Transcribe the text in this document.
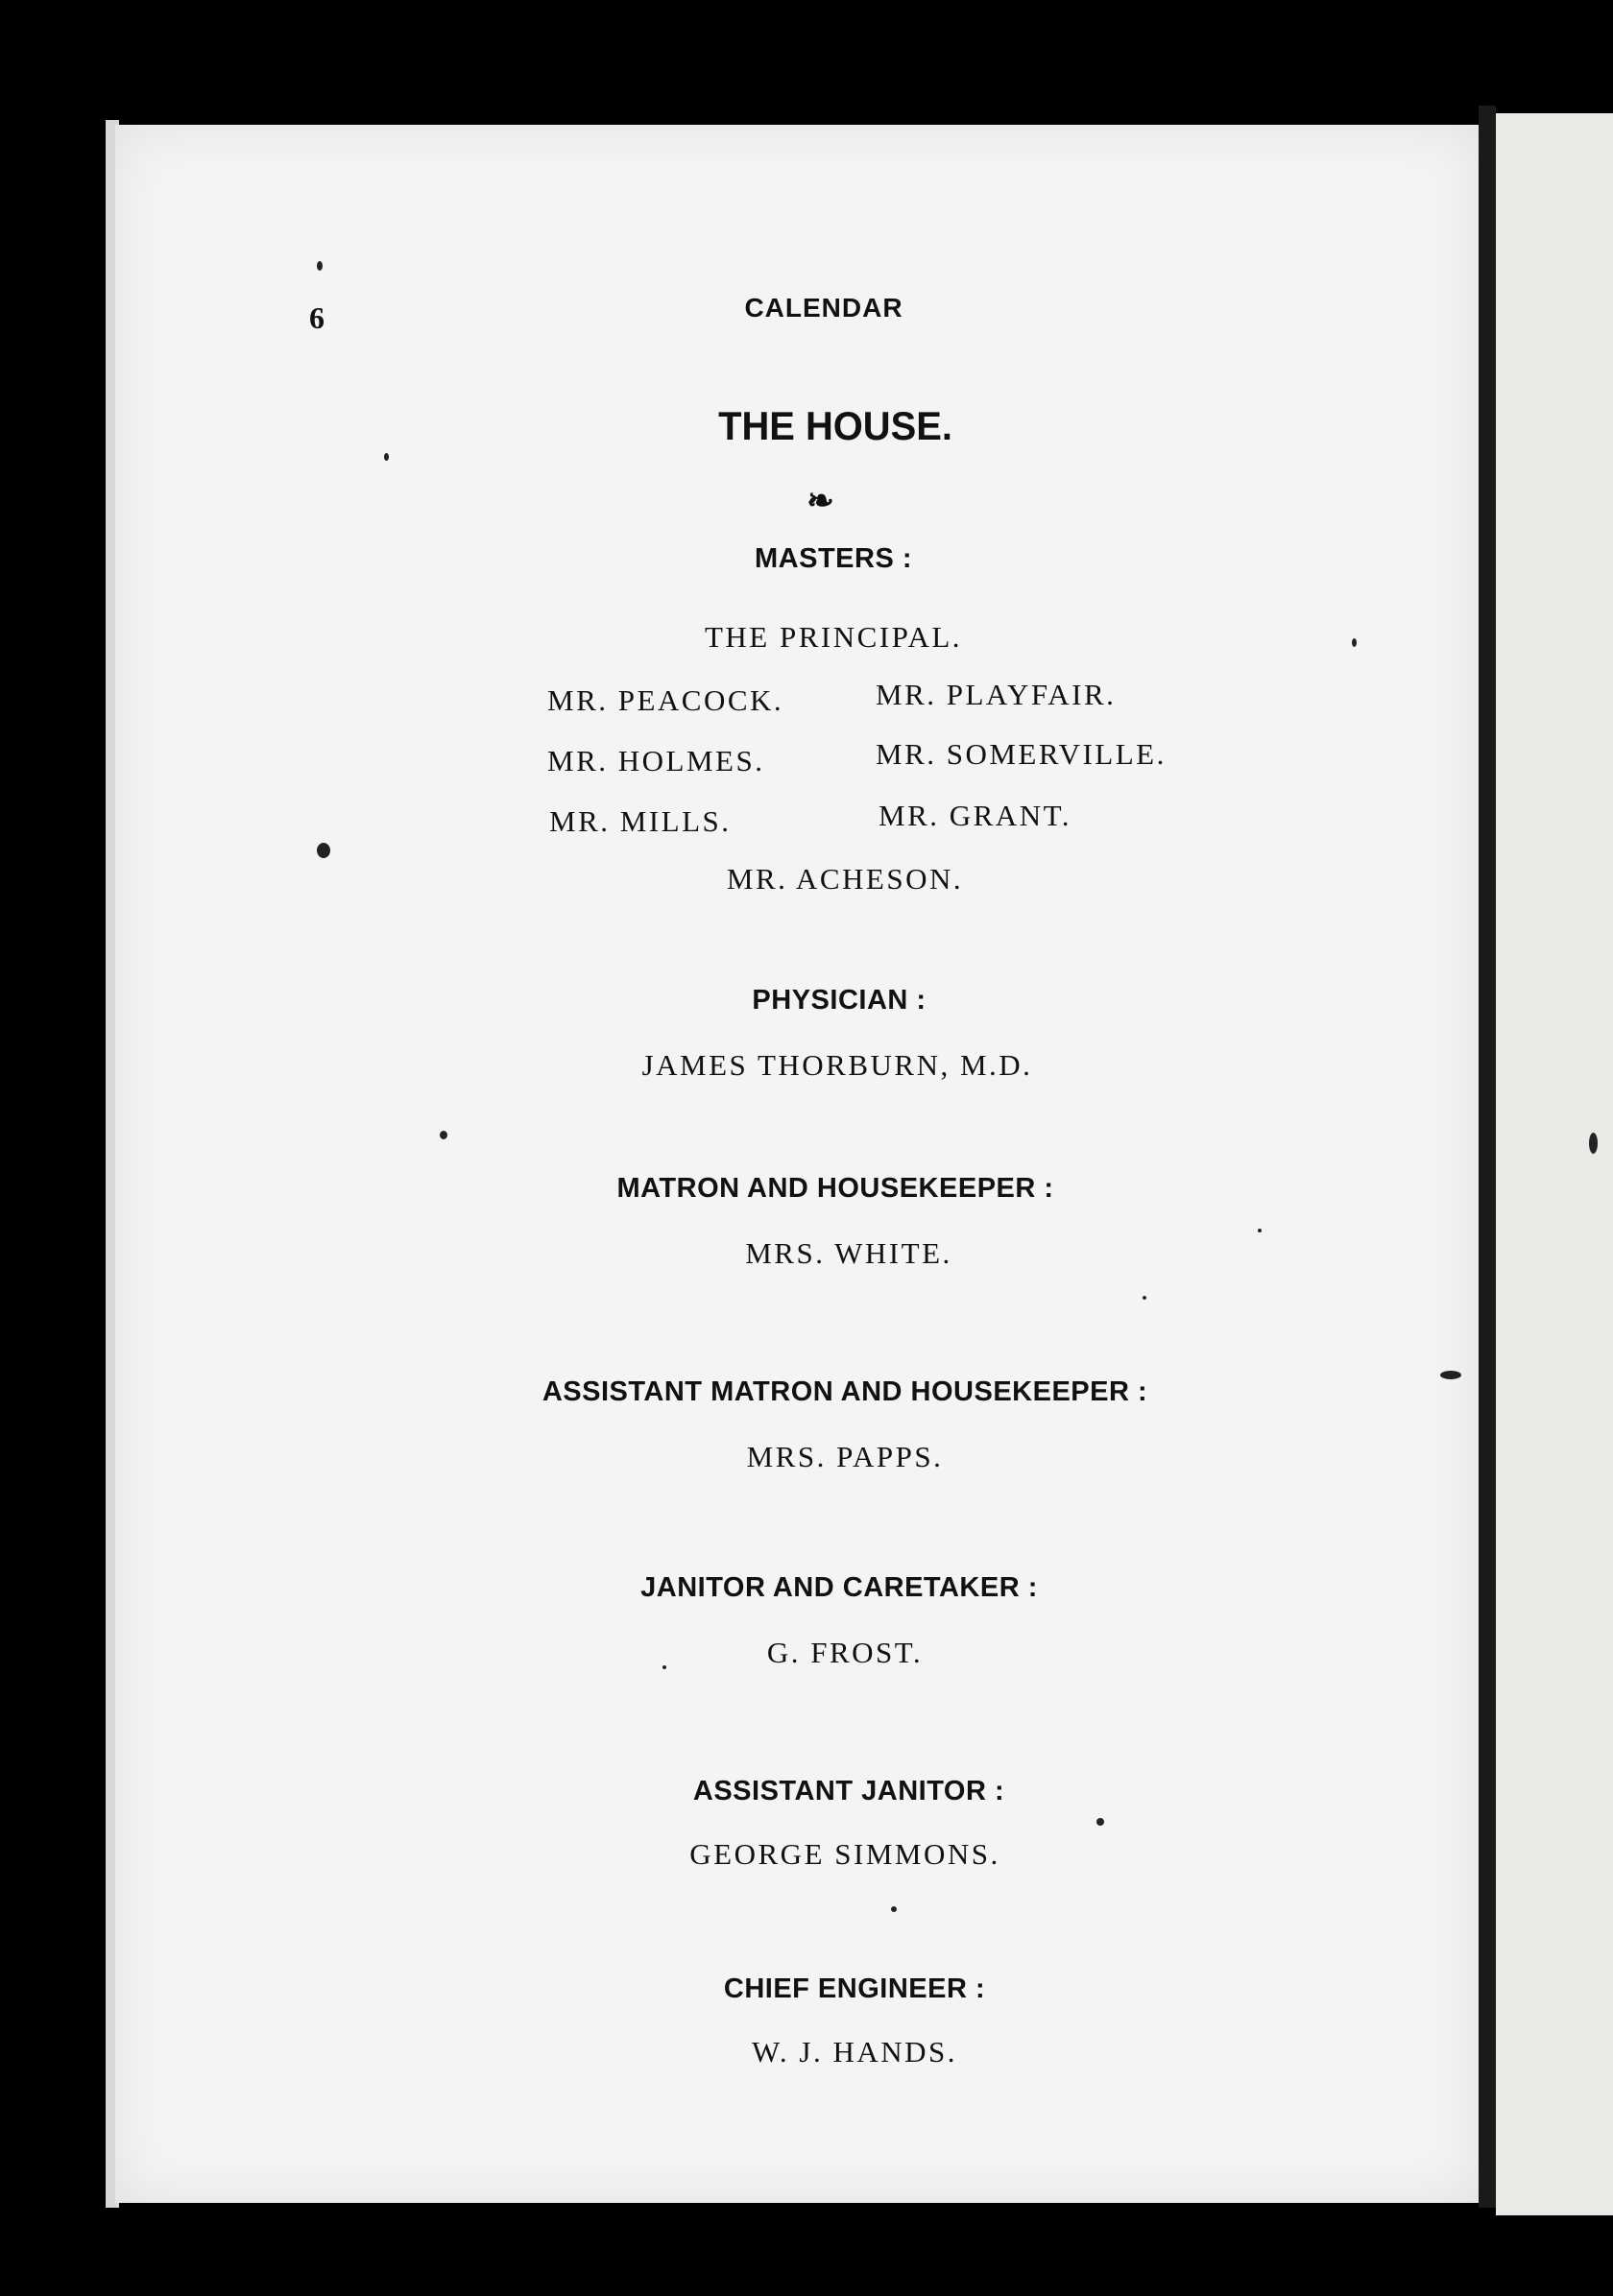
6	CALENDAR
THE HOUSE.
❧
MASTERS :
THE PRINCIPAL.
MR. PEACOCK.	MR. PLAYFAIR.
MR. HOLMES.	MR. SOMERVILLE.
MR. MILLS.	MR. GRANT.
MR. ACHESON.
PHYSICIAN :
JAMES THORBURN, M.D.
MATRON AND HOUSEKEEPER :
MRS. WHITE.
ASSISTANT MATRON AND HOUSEKEEPER :
MRS. PAPPS.
JANITOR AND CARETAKER :
G. FROST.
ASSISTANT JANITOR :
GEORGE SIMMONS.
CHIEF ENGINEER :
W. J. HANDS.
